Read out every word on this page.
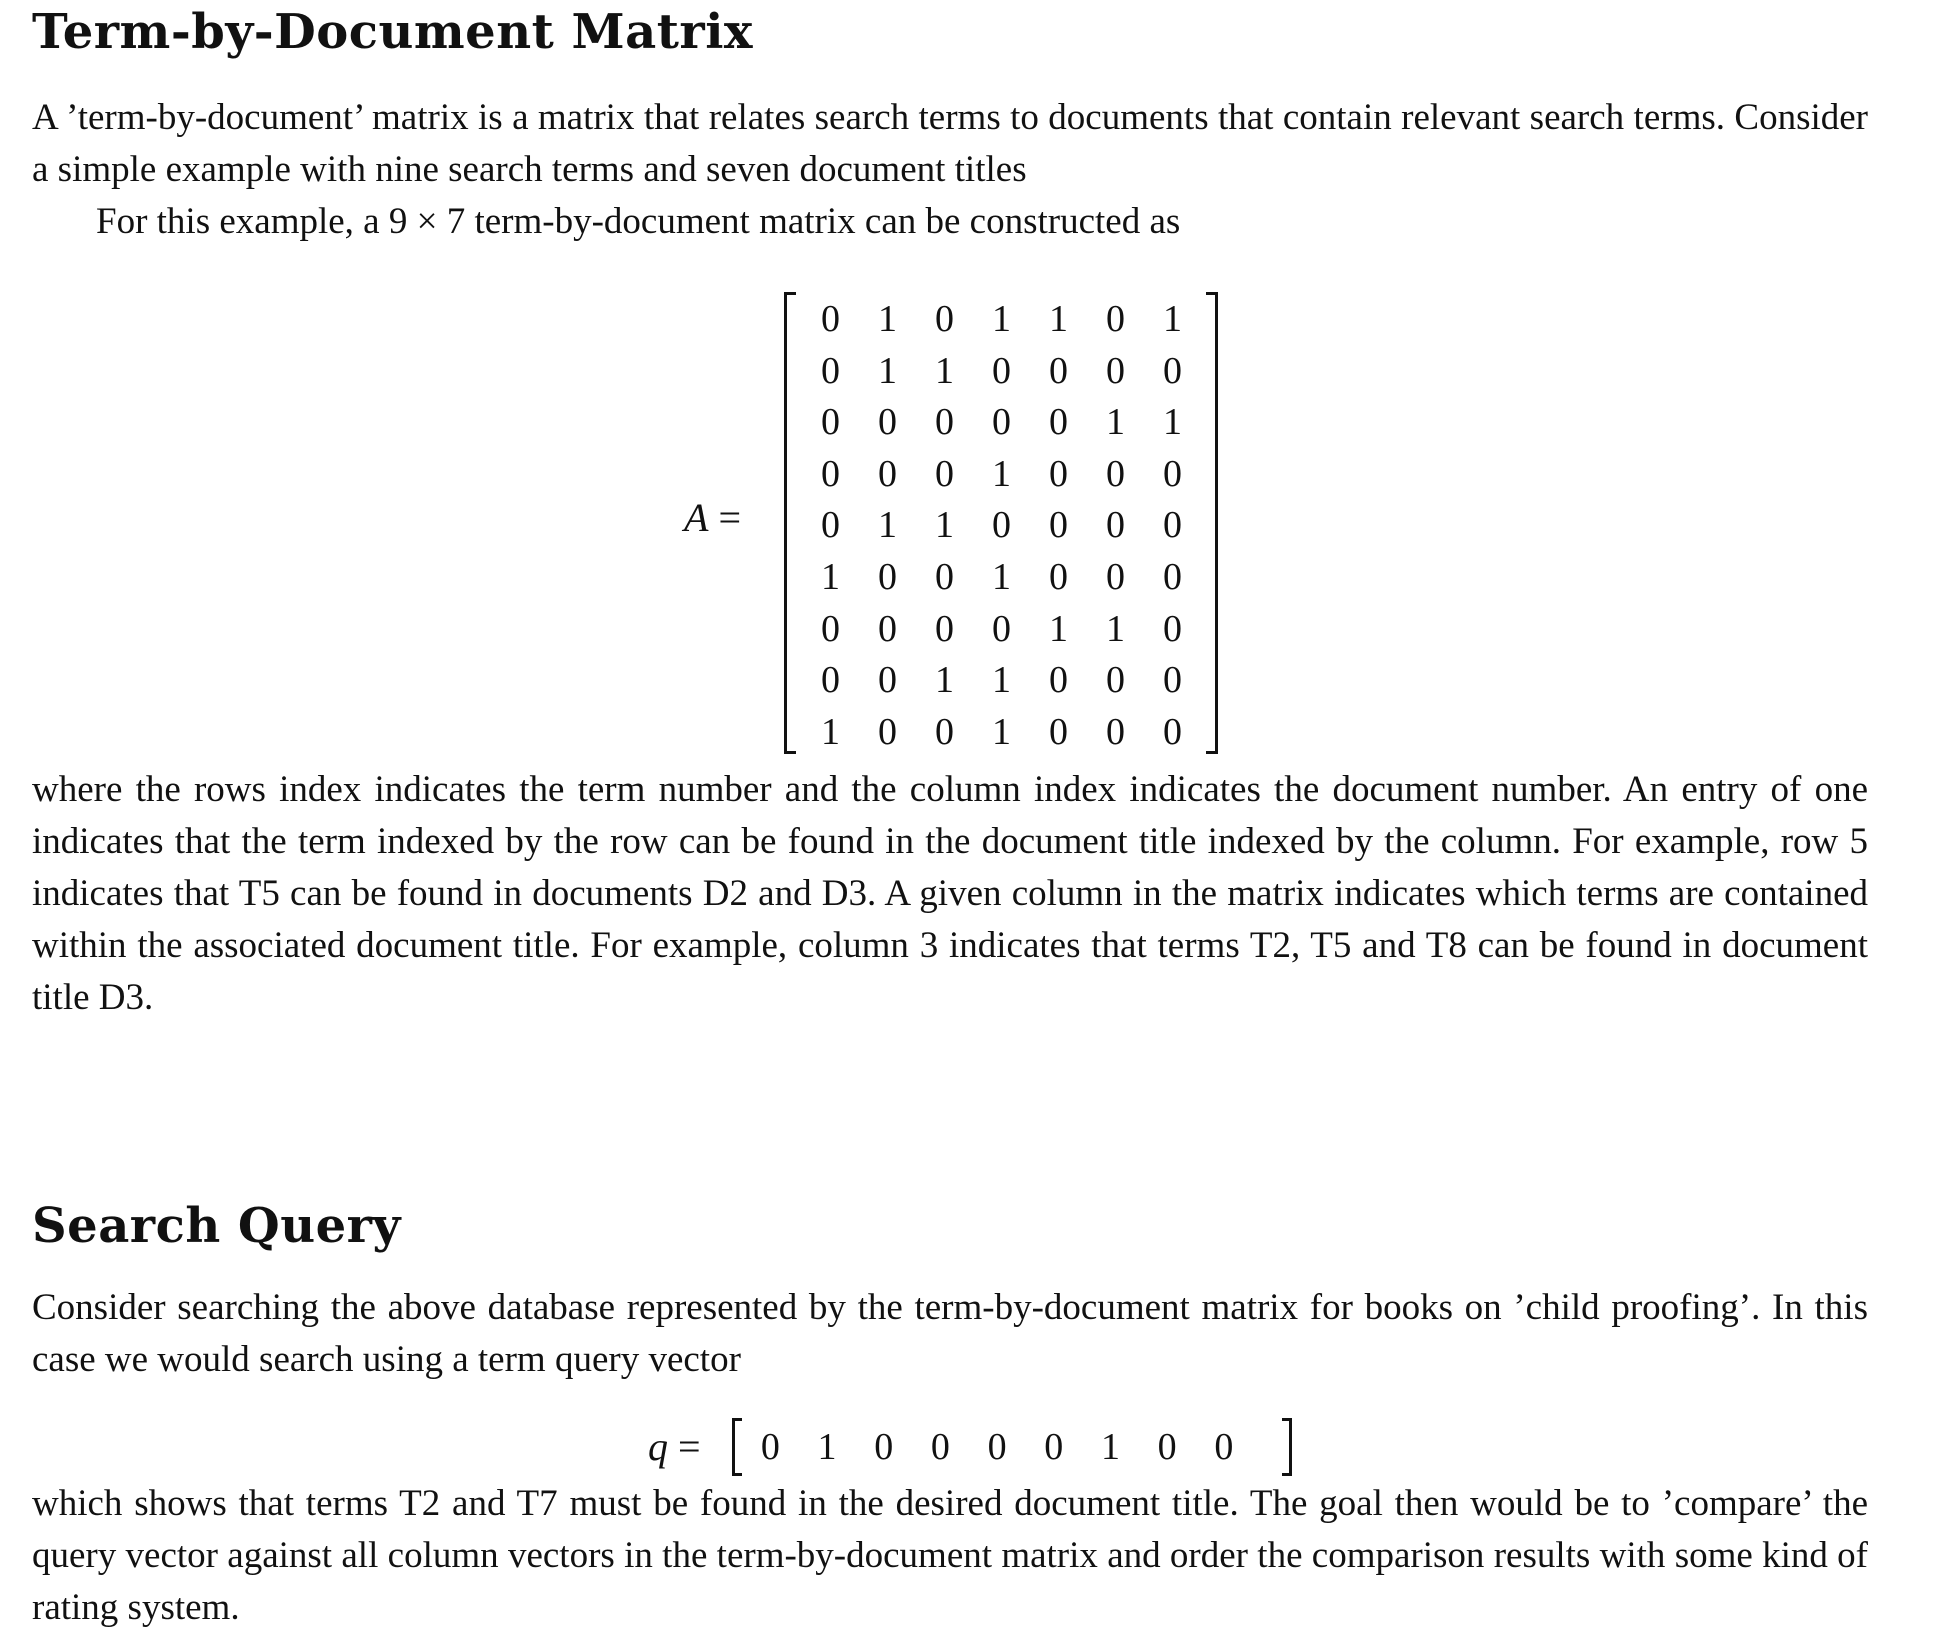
Term-by-Document Matrix

A ’term-by-document’ matrix is a matrix that relates search terms to documents that contain relevant search terms. Consider a simple example with nine search terms and seven document titles

For this example, a 9 × 7 term-by-document matrix can be constructed as

A =
0	1	0	1	1	0	1
0	1	1	0	0	0	0
0	0	0	0	0	1	1
0	0	0	1	0	0	0
0	1	1	0	0	0	0
1	0	0	1	0	0	0
0	0	0	0	1	1	0
0	0	1	1	0	0	0
1	0	0	1	0	0	0

where the rows index indicates the term number and the column index indicates the document number. An entry of one indicates that the term indexed by the row can be found in the document title indexed by the column. For example, row 5 indicates that T5 can be found in documents D2 and D3. A given column in the matrix indicates which terms are contained within the associated document title. For example, column 3 indicates that terms T2, T5 and T8 can be found in document title D3.

Search Query

Consider searching the above database represented by the term-by-document matrix for books on ’child proofing’. In this case we would search using a term query vector

q =	0 1 0 0 0 0 1 0 0

which shows that terms T2 and T7 must be found in the desired document title. The goal then would be to ’compare’ the query vector against all column vectors in the term-by-document matrix and order the comparison results with some kind of rating system.
